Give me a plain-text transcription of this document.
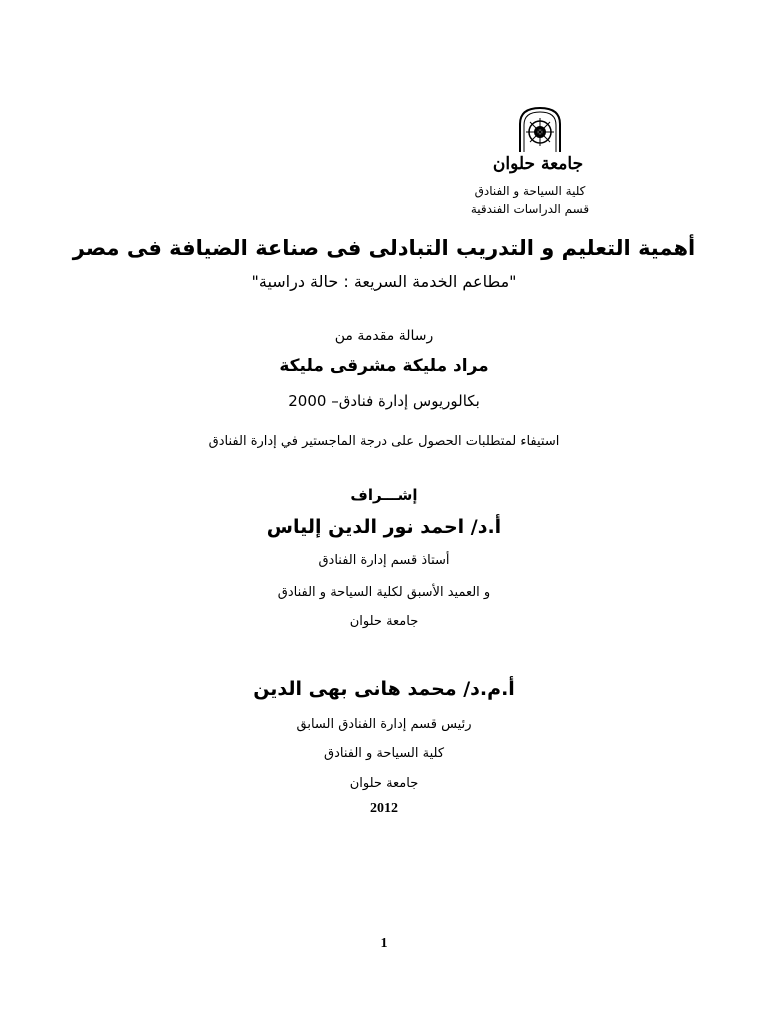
جامعة حلوان
كلية السياحة و الفنادق
قسم الدراسات الفندقية
أهمية التعليم و التدريب التبادلى فى صناعة الضيافة فى مصر
"مطاعم الخدمة السريعة : حالة دراسية"
رسالة مقدمة من
مراد مليكة مشرقى مليكة
بكالوريوس إدارة فنادق– 2000
استيفاء لمتطلبات الحصول على درجة الماجستير في إدارة الفنادق
إشـــراف
أ.د/ احمد نور الدين إلياس
أستاذ قسم إدارة الفنادق
و العميد الأسبق لكلية السياحة و الفنادق
جامعة حلوان
أ.م.د/ محمد هانى بهى الدين
رئيس قسم إدارة الفنادق السابق
كلية السياحة و الفنادق
جامعة حلوان
2012
1
